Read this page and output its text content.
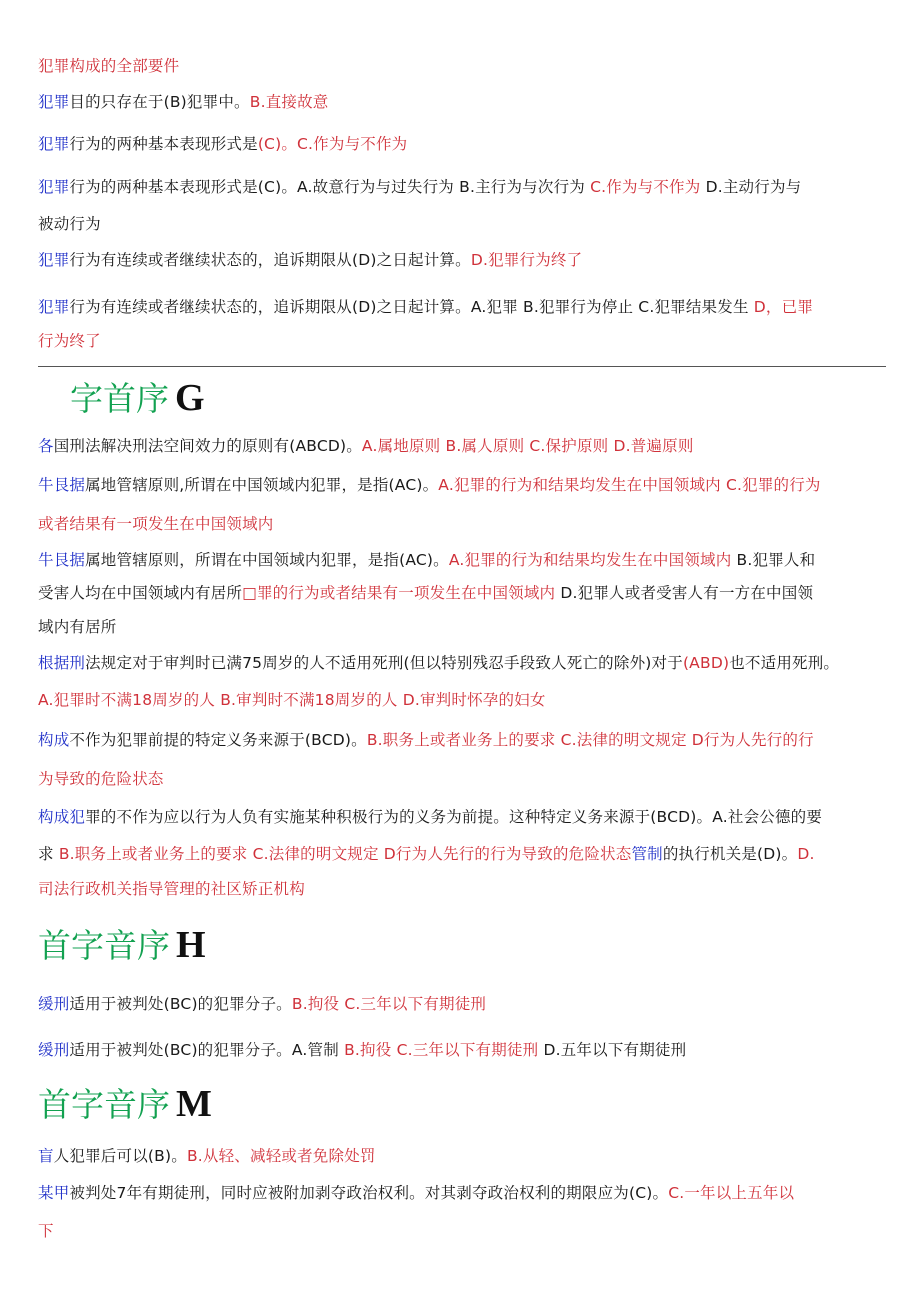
犯罪构成的全部要件
犯罪目的只存在于(B)犯罪中。B.直接故意
犯罪行为的两种基本表现形式是(C)。C.作为与不作为
犯罪行为的两种基本表现形式是(C)。A.故意行为与过失行为 B.主行为与次行为 C.作为与不作为 D.主动行为与
被动行为
犯罪行为有连续或者继续状态的，追诉期限从(D)之日起计算。D.犯罪行为终了
犯罪行为有连续或者继续状态的，追诉期限从(D)之日起计算。A.犯罪 B.犯罪行为停止 C.犯罪结果发生 D，已罪
行为终了
字首序 G
各国刑法解决刑法空间效力的原则有(ABCD)。A.属地原则 B.属人原则 C.保护原则 D.普遍原则
牛艮据属地管辖原则,所谓在中国领域内犯罪，是指(AC)。A.犯罪的行为和结果均发生在中国领域内 C.犯罪的行为
或者结果有一项发生在中国领域内
牛艮据属地管辖原则，所谓在中国领域内犯罪，是指(AC)。A.犯罪的行为和结果均发生在中国领域内 B.犯罪人和
受害人均在中国领域内有居所□罪的行为或者结果有一项发生在中国领域内 D.犯罪人或者受害人有一方在中国领
域内有居所
根据刑法规定对于审判时已满75周岁的人不适用死刑(但以特别残忍手段致人死亡的除外)对于(ABD)也不适用死刑。
A.犯罪时不满18周岁的人 B.审判时不满18周岁的人 D.审判时怀孕的妇女
构成不作为犯罪前提的特定义务来源于(BCD)。B.职务上或者业务上的要求 C.法律的明文规定 D行为人先行的行
为导致的危险状态
构成犯罪的不作为应以行为人负有实施某种积极行为的义务为前提。这种特定义务来源于(BCD)。A.社会公德的要
求 B.职务上或者业务上的要求 C.法律的明文规定 D行为人先行的行为导致的危险状态管制的执行机关是(D)。D.
司法行政机关指导管理的社区矫正机构
首字音序 H
缓刑适用于被判处(BC)的犯罪分子。B.拘役 C.三年以下有期徒刑
缓刑适用于被判处(BC)的犯罪分子。A.管制 B.拘役 C.三年以下有期徒刑 D.五年以下有期徒刑
首字音序 M
盲人犯罪后可以(B)。B.从轻、减轻或者免除处罚
某甲被判处7年有期徒刑，同时应被附加剥夺政治权利。对其剥夺政治权利的期限应为(C)。C.一年以上五年以
下
